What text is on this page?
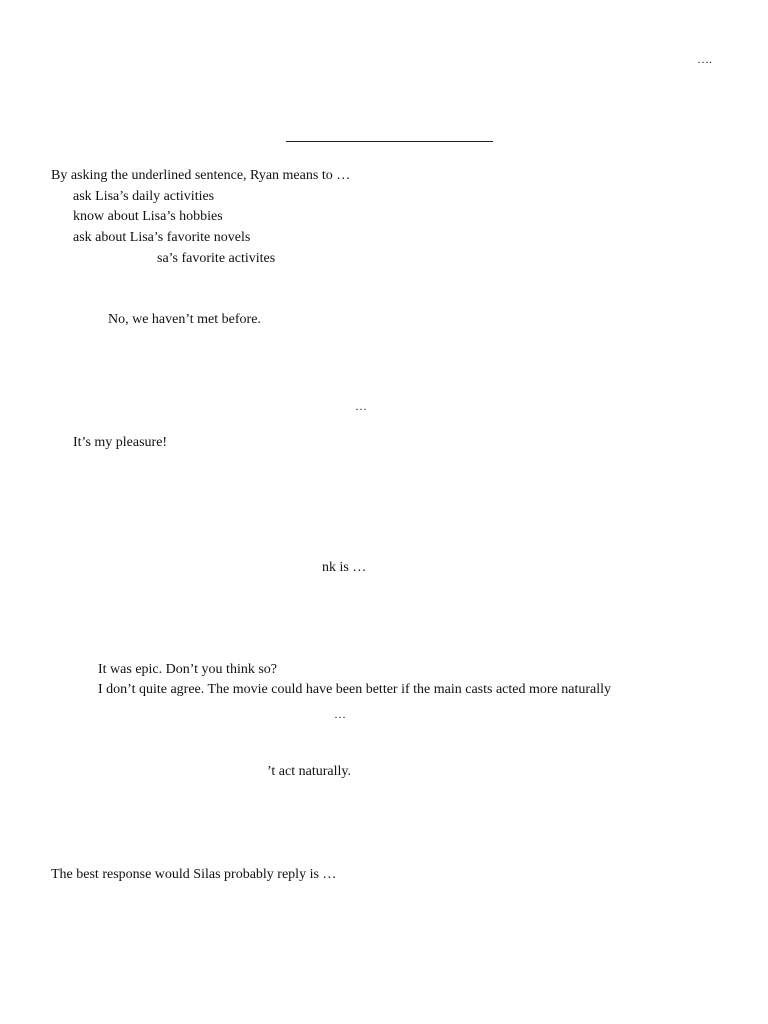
….
By asking the underlined sentence, Ryan means to …
ask Lisa’s daily activities
know about Lisa’s hobbies
ask about Lisa’s favorite novels
sa’s favorite activites
No, we haven’t met before.
…
It’s my pleasure!
nk is …
It was epic. Don’t you think so?
I don’t quite agree. The movie could have been better if the main casts acted more naturally
…
’t act naturally.
The best response would Silas probably reply is …
